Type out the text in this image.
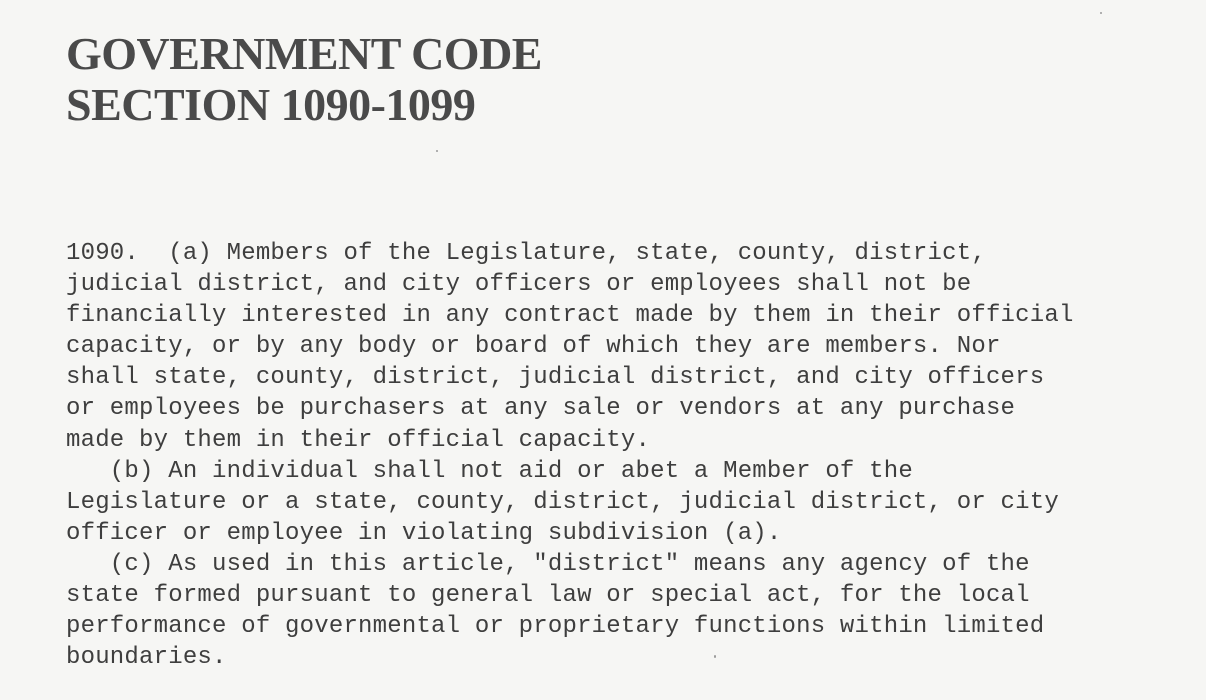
GOVERNMENT CODE
SECTION 1090-1099
1090.  (a) Members of the Legislature, state, county, district,
judicial district, and city officers or employees shall not be
financially interested in any contract made by them in their official
capacity, or by any body or board of which they are members. Nor
shall state, county, district, judicial district, and city officers
or employees be purchasers at any sale or vendors at any purchase
made by them in their official capacity.
(b) An individual shall not aid or abet a Member of the
Legislature or a state, county, district, judicial district, or city
officer or employee in violating subdivision (a).
(c) As used in this article, "district" means any agency of the
state formed pursuant to general law or special act, for the local
performance of governmental or proprietary functions within limited
boundaries.
